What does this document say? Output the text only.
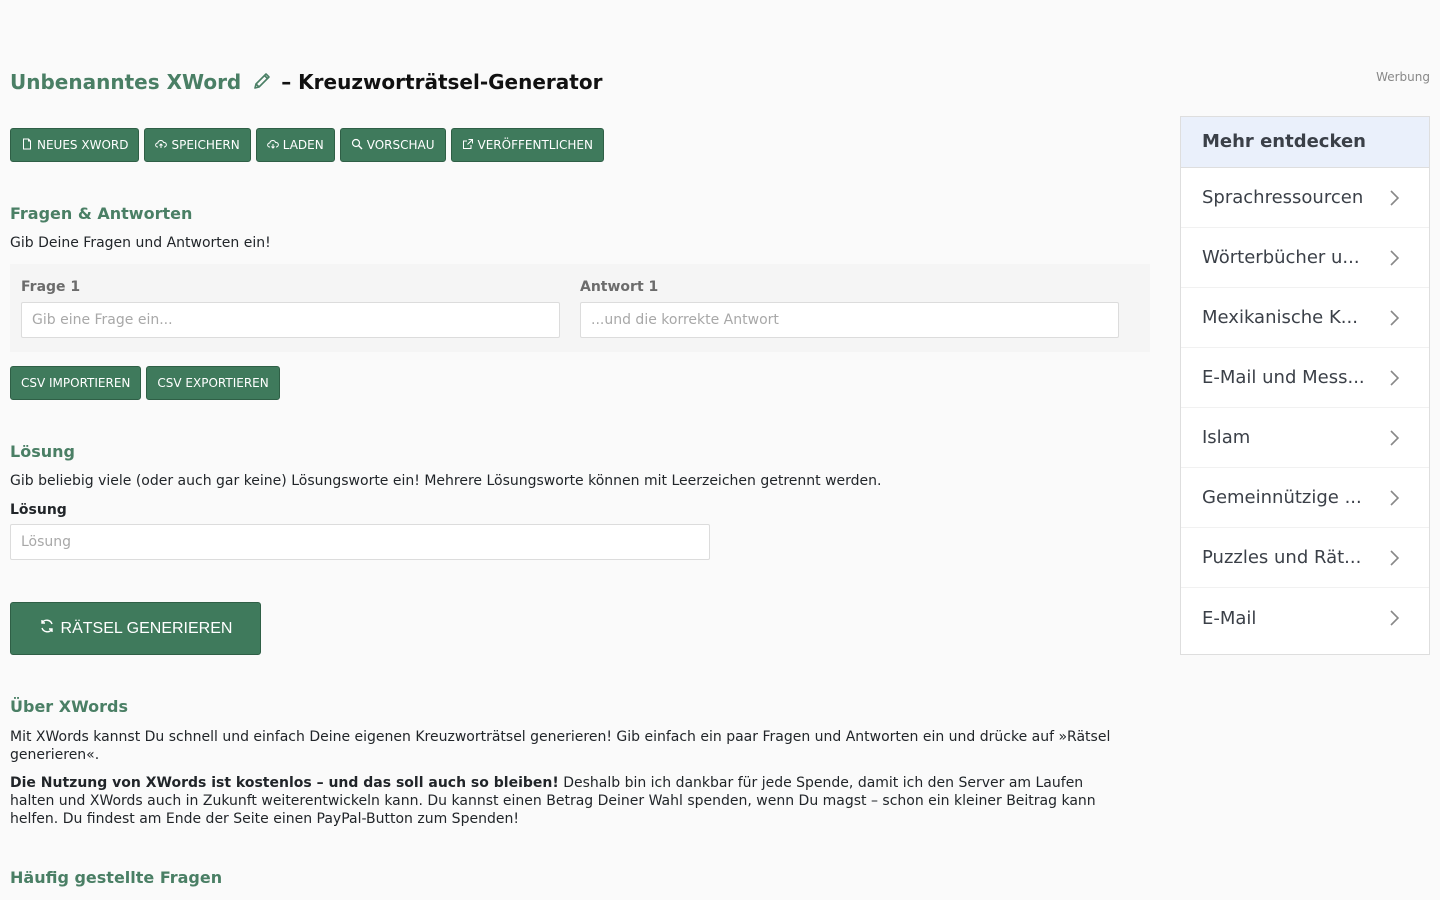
Unbenanntes XWord – Kreuzworträtsel-Generator
NEUES XWORD	SPEICHERN	LADEN	VORSCHAU	VERÖFFENTLICHEN
Fragen & Antworten

Gib Deine Fragen und Antworten ein!

Frage 1
Gib eine Frage ein...
Antwort 1
...und die korrekte Antwort
CSV IMPORTIEREN	CSV EXPORTIEREN
Lösung

Gib beliebig viele (oder auch gar keine) Lösungsworte ein! Mehrere Lösungsworte können mit Leerzeichen getrennt werden.

Lösung
Lösung
RÄTSEL GENERIEREN
Über XWords

Mit XWords kannst Du schnell und einfach Deine eigenen Kreuzworträtsel generieren! Gib einfach ein paar Fragen und Antworten ein und drücke auf »Rätsel generieren«.

Die Nutzung von XWords ist kostenlos – und das soll auch so bleiben! Deshalb bin ich dankbar für jede Spende, damit ich den Server am Laufen halten und XWords auch in Zukunft weiterentwickeln kann. Du kannst einen Betrag Deiner Wahl spenden, wenn Du magst – schon ein kleiner Beitrag kann helfen. Du findest am Ende der Seite einen PayPal-Button zum Spenden!

Häufig gestellte Fragen
Werbung
Mehr entdecken
Sprachressourcen
Wörterbücher u...
Mexikanische K...
E-Mail und Mess...
Islam
Gemeinnützige ...
Puzzles und Rät...
E-Mail
